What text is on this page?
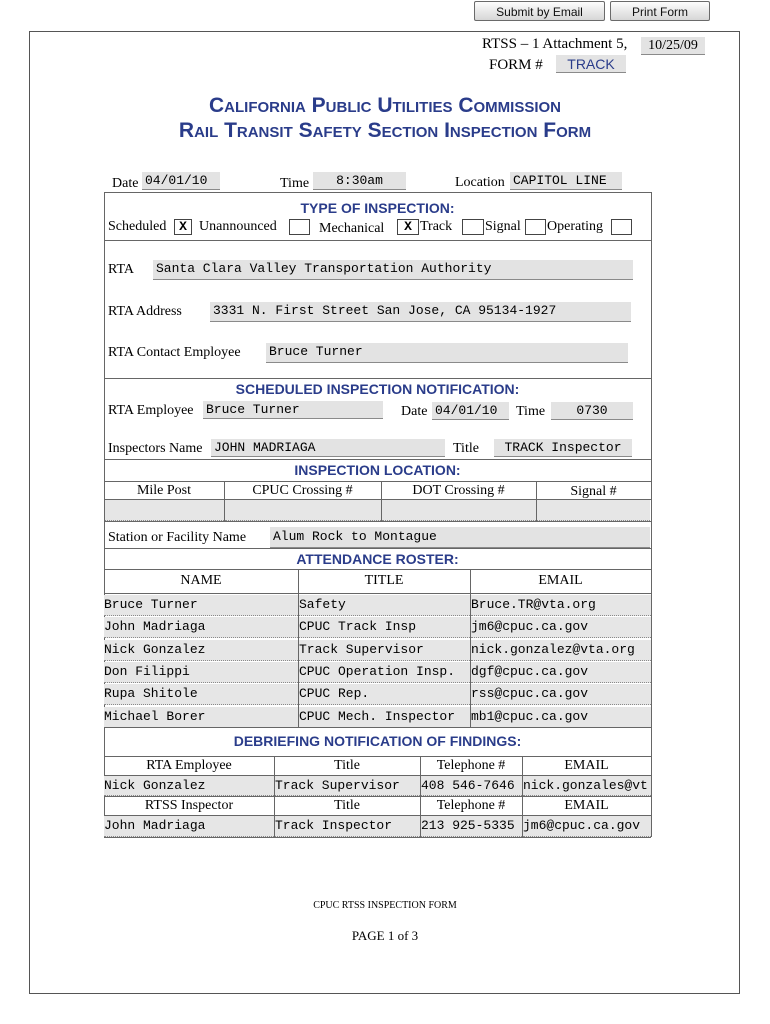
Submit by Email	Print Form
RTSS – 1 Attachment 5,	10/25/09
FORM #	TRACK
California Public Utilities Commission
Rail Transit Safety Section Inspection Form
Date 04/01/10	Time	8:30am	Location CAPITOL LINE
TYPE OF INSPECTION:
Scheduled X Unannounced	Mechanical	X Track Signal Operating
RTA Santa Clara Valley Transportation Authority
RTA Address 3331 N. First Street San Jose, CA 95134-1927
RTA Contact Employee Bruce Turner
SCHEDULED INSPECTION NOTIFICATION:
RTA Employee Bruce Turner	Date 04/01/10	Time	0730
Inspectors Name JOHN MADRIAGA	Title	TRACK Inspector
INSPECTION LOCATION:
Mile Post	CPUC Crossing #	DOT Crossing #	Signal #
Station or Facility Name Alum Rock to Montague
ATTENDANCE ROSTER:
NAME	TITLE	EMAIL
Bruce Turner	Safety	Bruce.TR@vta.org
John Madriaga	CPUC Track Insp	jm6@cpuc.ca.gov
Nick Gonzalez	Track Supervisor	nick.gonzalez@vta.org
Don Filippi	CPUC Operation Insp.	dgf@cpuc.ca.gov
Rupa Shitole	CPUC Rep.	rss@cpuc.ca.gov
Michael Borer	CPUC Mech. Inspector	mb1@cpuc.ca.gov
DEBRIEFING NOTIFICATION OF FINDINGS:
RTA Employee	Title	Telephone #	EMAIL
Nick Gonzalez	Track Supervisor	408 546-7646 nick.gonzales@vt
RTSS Inspector	Title	Telephone #	EMAIL
John Madriaga	Track Inspector	213 925-5335 jm6@cpuc.ca.gov
CPUC RTSS INSPECTION FORM
PAGE 1 of 3
